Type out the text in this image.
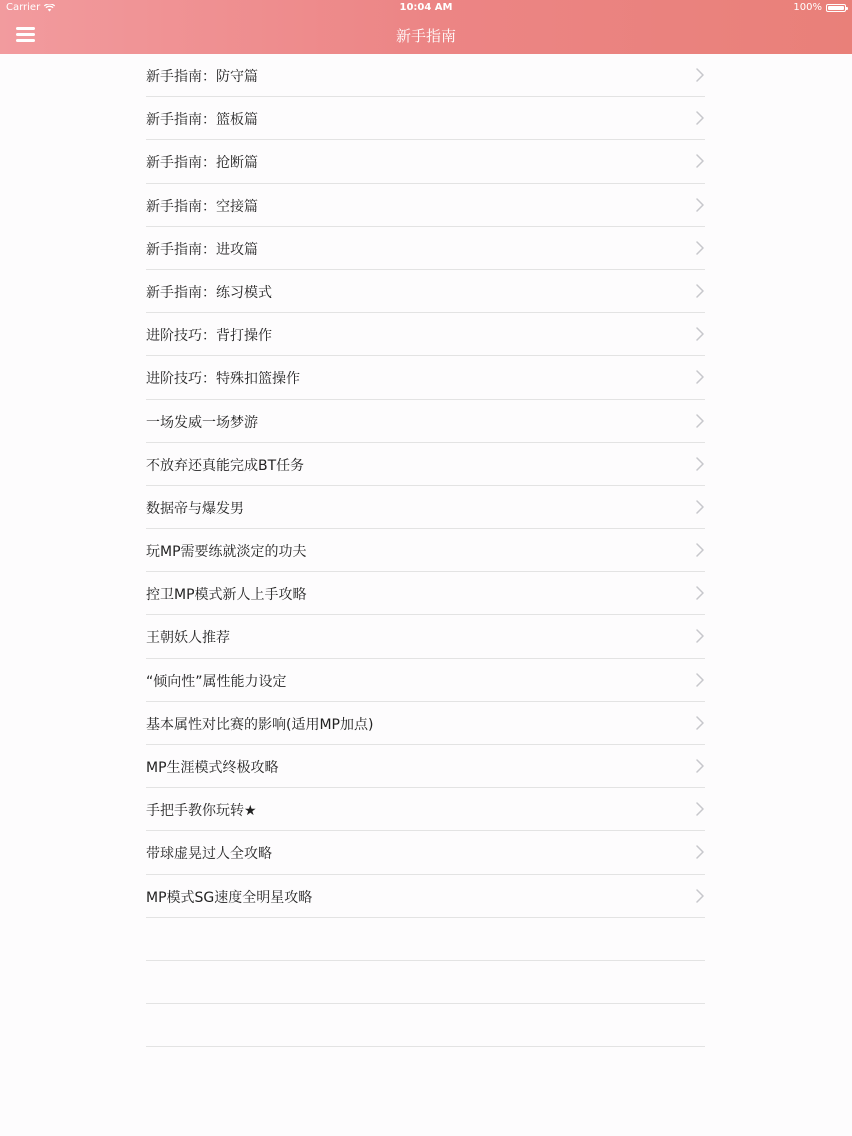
Carrier	10:04 AM	100%
新手指南
新手指南：防守篇
新手指南：篮板篇
新手指南：抢断篇
新手指南：空接篇
新手指南：进攻篇
新手指南：练习模式
进阶技巧：背打操作
进阶技巧：特殊扣篮操作
一场发威一场梦游
不放弃还真能完成BT任务
数据帝与爆发男
玩MP需要练就淡定的功夫
控卫MP模式新人上手攻略
王朝妖人推荐
“倾向性”属性能力设定
基本属性对比赛的影响(适用MP加点)
MP生涯模式终极攻略
手把手教你玩转★
带球虚晃过人全攻略
MP模式SG速度全明星攻略
